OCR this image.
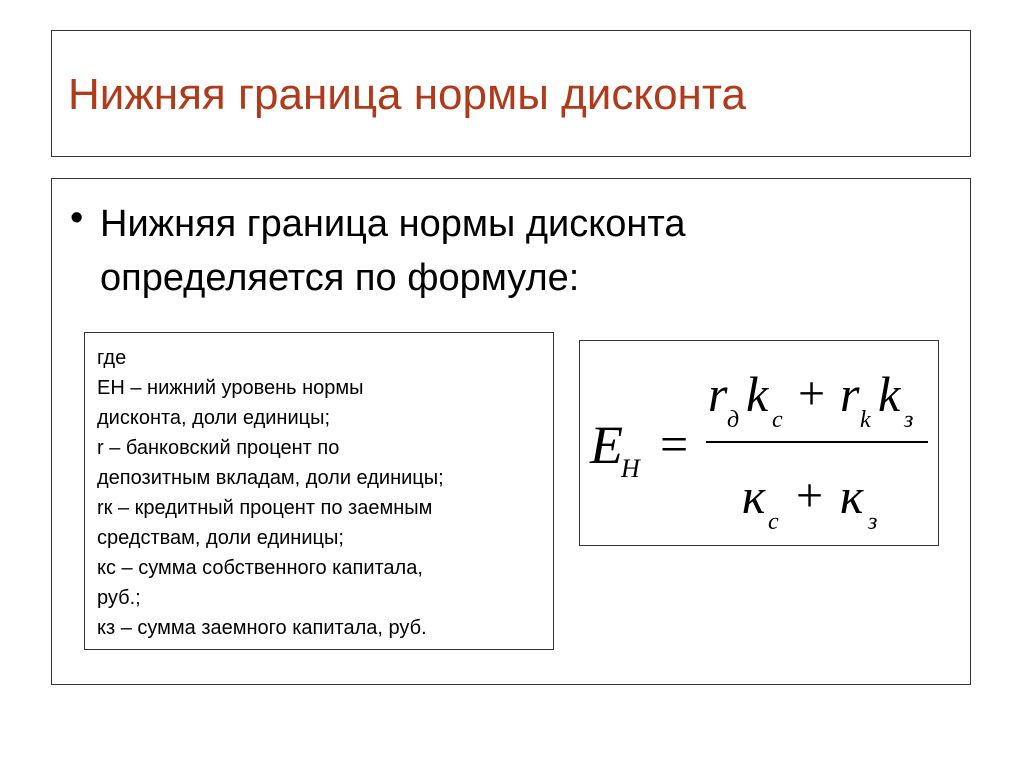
Нижняя граница нормы дисконта
• Нижняя граница нормы дисконта
определяется по формуле:
где
ЕН – нижний уровень нормы
дисконта, доли единицы;
r – банковский процент по
депозитным вкладам, доли единицы;
rк – кредитный процент по заемным
средствам, доли единицы;
кс – сумма собственного капитала,
руб.;
кз – сумма заемного капитала, руб.
E
H =
r д k с + r k k з
к с + к з
